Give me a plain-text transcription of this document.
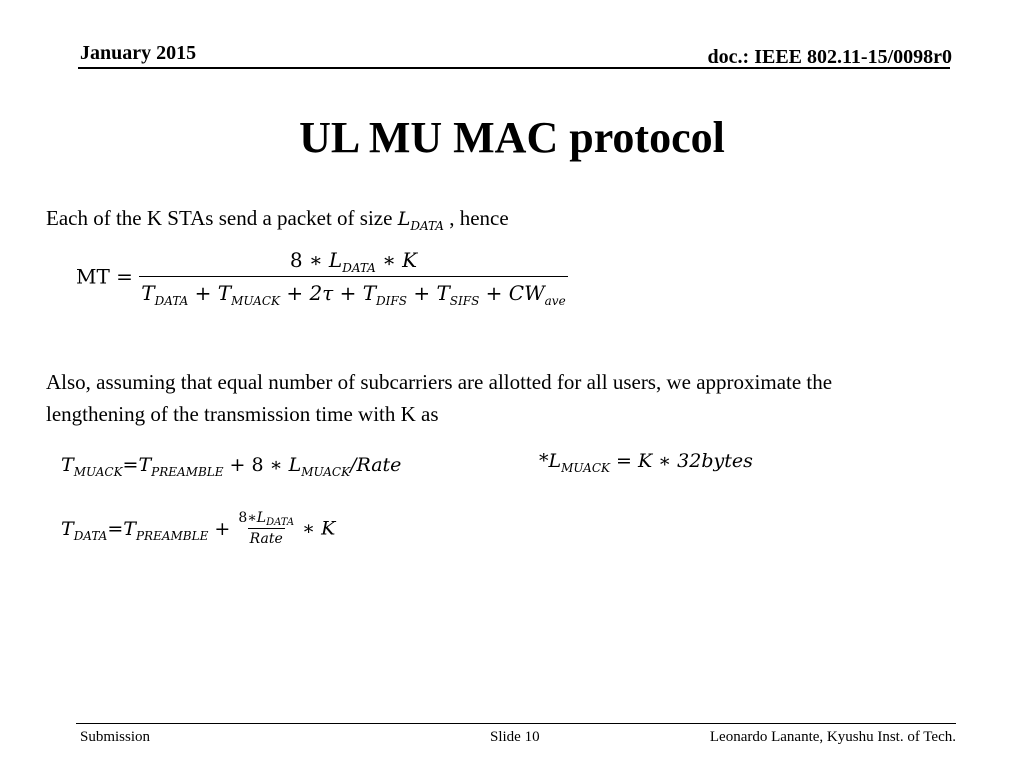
January 2015	doc.: IEEE 802.11-15/0098r0
UL MU MAC protocol
Each of the K STAs send a packet of size $L_{DATA}$ , hence
MT = $\frac{8 ∗ L_{DATA} ∗ K}{T_{DATA} + T_{MUACK} + 2\tau + T_{DIFS} + T_{SIFS} + CW_{ave}}$
Also, assuming that equal number of subcarriers are allotted for all users, we approximate the lengthening of the transmission time with K as
$T_{MUACK}=T_{PREAMBLE} + 8$ ∗ $L_{MUACK}$/Rate	$*L_{MUACK} = K$ ∗ 32bytes
$T_{DATA}=T_{PREAMBLE} + \frac{8∗L_{DATA}}{\text{Rate}}$ ∗ K
Submission	Slide 10	Leonardo Lanante, Kyushu Inst. of Tech.
